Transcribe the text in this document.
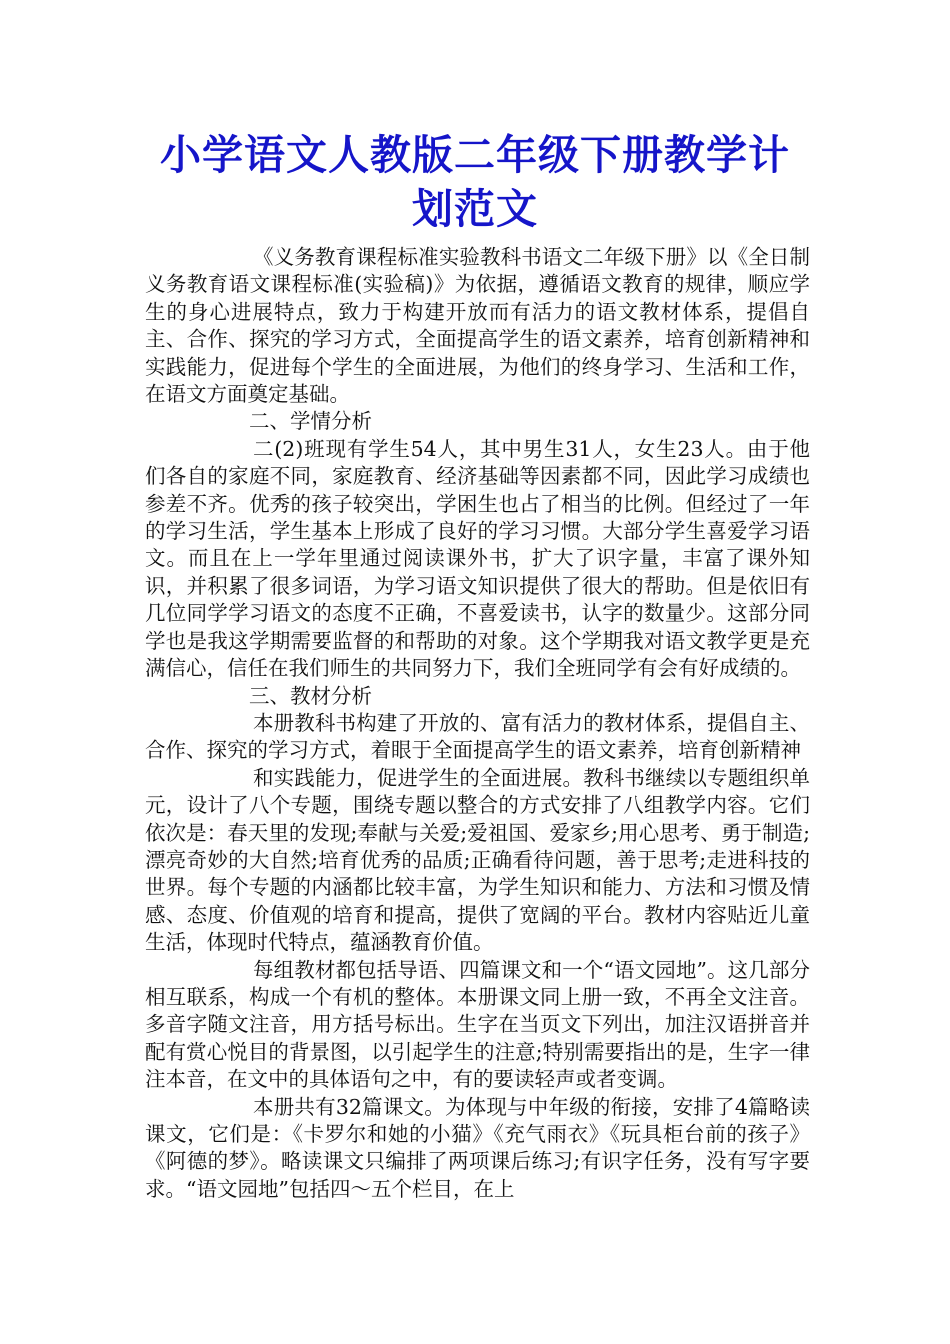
小学语文人教版二年级下册教学计
划范文

《义务教育课程标准实验教科书语文二年级下册》以《全日制义务教育语文课程标准(实验稿)》为依据，遵循语文教育的规律，顺应学生的身心进展特点，致力于构建开放而有活力的语文教材体系，提倡自主、合作、探究的学习方式，全面提高学生的语文素养，培育创新精神和实践能力，促进每个学生的全面进展，为他们的终身学习、生活和工作，在语文方面奠定基础。

二、学情分析

二(2)班现有学生54人，其中男生31人，女生23人。由于他们各自的家庭不同，家庭教育、经济基础等因素都不同，因此学习成绩也参差不齐。优秀的孩子较突出，学困生也占了相当的比例。但经过了一年的学习生活，学生基本上形成了良好的学习习惯。大部分学生喜爱学习语文。而且在上一学年里通过阅读课外书，扩大了识字量，丰富了课外知识，并积累了很多词语，为学习语文知识提供了很大的帮助。但是依旧有几位同学学习语文的态度不正确，不喜爱读书，认字的数量少。这部分同学也是我这学期需要监督的和帮助的对象。这个学期我对语文教学更是充满信心，信任在我们师生的共同努力下，我们全班同学有会有好成绩的。

三、教材分析

本册教科书构建了开放的、富有活力的教材体系，提倡自主、合作、探究的学习方式，着眼于全面提高学生的语文素养，培育创新精神

和实践能力，促进学生的全面进展。教科书继续以专题组织单元，设计了八个专题，围绕专题以整合的方式安排了八组教学内容。它们依次是：春天里的发现;奉献与关爱;爱祖国、爱家乡;用心思考、勇于制造;漂亮奇妙的大自然;培育优秀的品质;正确看待问题，善于思考;走进科技的世界。每个专题的内涵都比较丰富，为学生知识和能力、方法和习惯及情感、态度、价值观的培育和提高，提供了宽阔的平台。教材内容贴近儿童生活，体现时代特点，蕴涵教育价值。

每组教材都包括导语、四篇课文和一个“语文园地”。这几部分相互联系，构成一个有机的整体。本册课文同上册一致，不再全文注音。多音字随文注音，用方括号标出。生字在当页文下列出，加注汉语拼音并配有赏心悦目的背景图，以引起学生的注意;特别需要指出的是，生字一律注本音，在文中的具体语句之中，有的要读轻声或者变调。

本册共有32篇课文。为体现与中年级的衔接，安排了4篇略读课文，它们是：《卡罗尔和她的小猫》《充气雨衣》《玩具柜台前的孩子》《阿德的梦》。略读课文只编排了两项课后练习;有识字任务，没有写字要求。“语文园地”包括四～五个栏目，在上
